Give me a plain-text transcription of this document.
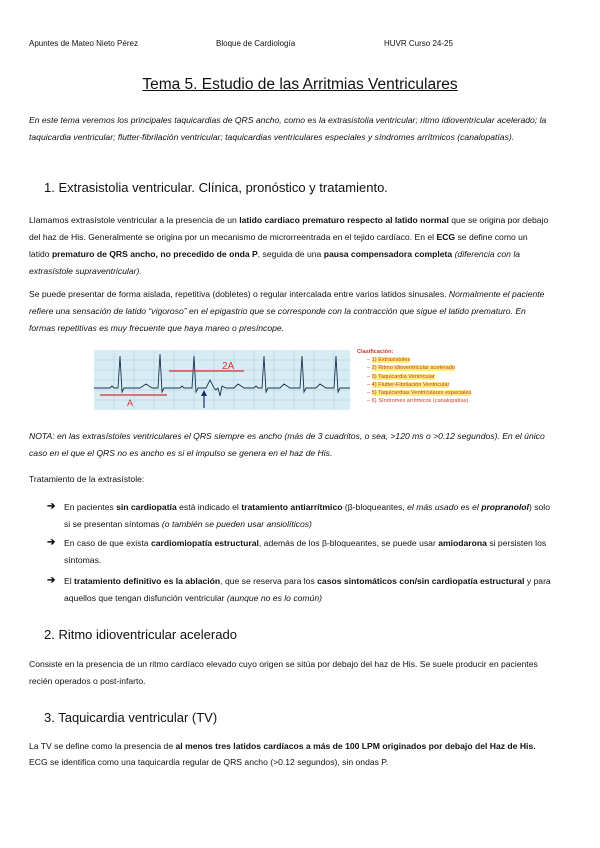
Apuntes de Mateo Nieto Pérez	Bloque de Cardiología	HUVR Curso 24-25
Tema 5. Estudio de las Arritmias Ventriculares
En este tema veremos los principales taquicardias de QRS ancho, como es la extrasistolia ventricular; ritmo idioventricular acelerado; la taquicardia ventricular; flutter-fibrilación ventricular; taquicardias ventriculares especiales y síndromes arrítmicos (canalopatías).
1. Extrasistolia ventricular. Clínica, pronóstico y tratamiento.
Llamamos extrasístole ventricular a la presencia de un latido cardiaco prematuro respecto al latido normal que se origina por debajo del haz de His. Generalmente se origina por un mecanismo de microrreentrada en el tejido cardíaco. En el ECG se define como un latido prematuro de QRS ancho, no precedido de onda P, seguida de una pausa compensadora completa (diferencia con la extrasístole supraventricular).
Se puede presentar de forma aislada, repetitiva (dobletes) o regular intercalada entre varios latidos sinusales. Normalmente el paciente refiere una sensación de latido “vigoroso” en el epigastrio que se corresponde con la contracción que sigue el latido prematuro. En formas repetitivas es muy frecuente que haya mareo o presíncope.
2A
A
Clasificación:
– 1) Extrasístoles
– 2) Ritmo idioventricular acelerado
– 3) Taquicardia Ventricular
– 4) Flutter-Fibrilación Ventricular
– 5) Taquicardias Ventriculares especiales
– 6) Síndromes arrítmicos (canalopatías)
NOTA: en las extrasístoles ventriculares el QRS siempre es ancho (más de 3 cuadritos, o sea, >120 ms o >0.12 segundos). En el único caso en el que el QRS no es ancho es si el impulso se genera en el haz de His.
Tratamiento de la extrasístole:
➔ En pacientes sin cardiopatía está indicado el tratamiento antiarrítmico (β-bloqueantes, el más usado es el propranolol) solo si se presentan síntomas (o también se pueden usar ansiolíticos)
➔ En caso de que exista cardiomiopatía estructural, además de los β-bloqueantes, se puede usar amiodarona si persisten los síntomas.
➔ El tratamiento definitivo es la ablación, que se reserva para los casos sintomáticos con/sin cardiopatía estructural y para aquellos que tengan disfunción ventricular (aunque no es lo común)
2. Ritmo idioventricular acelerado
Consiste en la presencia de un ritmo cardíaco elevado cuyo origen se sitúa por debajo del haz de His. Se suele producir en pacientes recién operados o post-infarto.
3. Taquicardia ventricular (TV)
La TV se define como la presencia de al menos tres latidos cardíacos a más de 100 LPM originados por debajo del Haz de His. ECG se identifica como una taquicardia regular de QRS ancho (>0.12 segundos), sin ondas P.
